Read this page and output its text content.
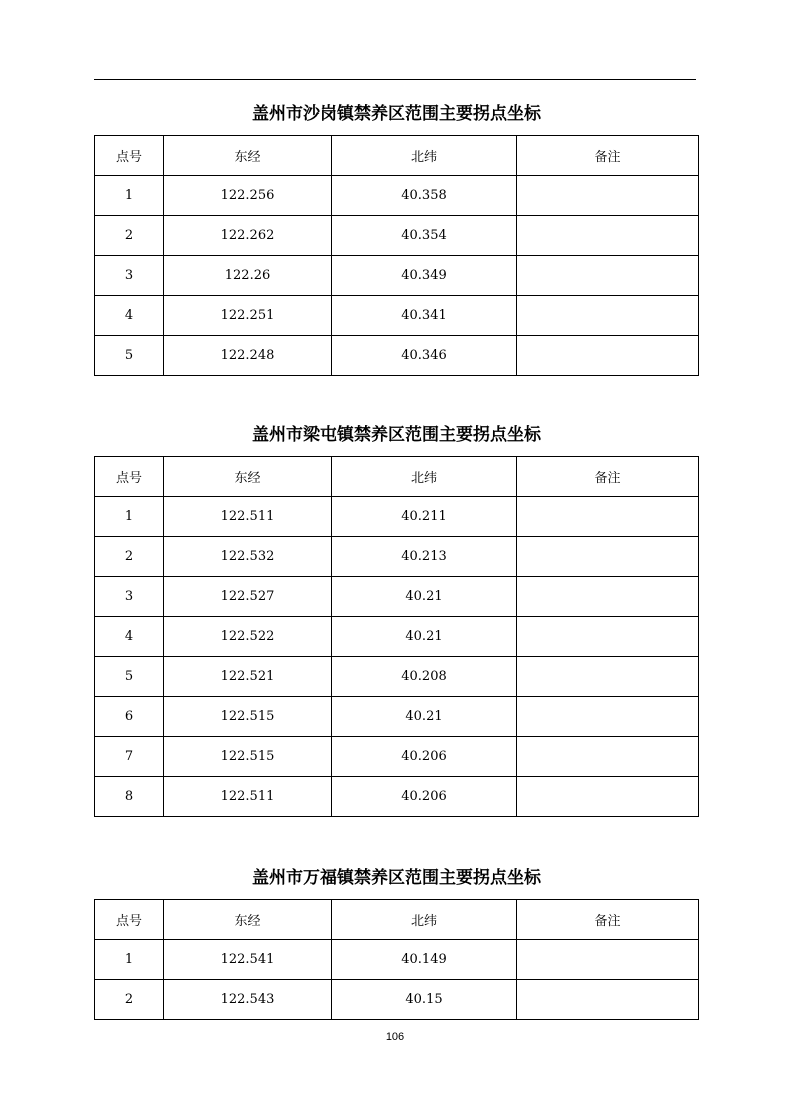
盖州市沙岗镇禁养区范围主要拐点坐标
点号	东经	北纬	备注
1	122.256	40.358	
2	122.262	40.354	
3	122.26	40.349	
4	122.251	40.341	
5	122.248	40.346	
盖州市梁屯镇禁养区范围主要拐点坐标
点号	东经	北纬	备注
1	122.511	40.211	
2	122.532	40.213	
3	122.527	40.21	
4	122.522	40.21	
5	122.521	40.208	
6	122.515	40.21	
7	122.515	40.206	
8	122.511	40.206	
盖州市万福镇禁养区范围主要拐点坐标
点号	东经	北纬	备注
1	122.541	40.149	
2	122.543	40.15	
106
